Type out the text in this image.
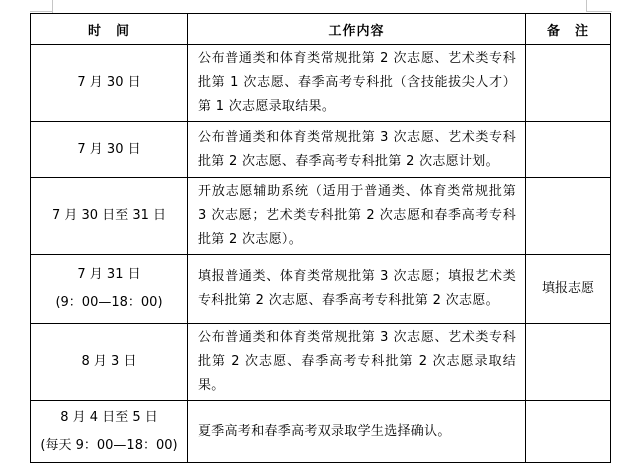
时　间	工作内容	备　注

7 月 30 日	公布普通类和体育类常规批第 2 次志愿、艺术类专科批第 1 次志愿、春季高考专科批（含技能拔尖人才）第 1 次志愿录取结果。	

7 月 30 日	公布普通类和体育类常规批第 3 次志愿、艺术类专科批第 2 次志愿、春季高考专科批第 2 次志愿计划。	

7 月 30 日至 31 日	开放志愿辅助系统（适用于普通类、体育类常规批第 3 次志愿；艺术类专科批第 2 次志愿和春季高考专科批第 2 次志愿）。	

7 月 31 日
(9：00—18：00)	填报普通类、体育类常规批第 3 次志愿；填报艺术类专科批第 2 次志愿、春季高考专科批第 2 次志愿。	填报志愿

8 月 3 日	公布普通类和体育类常规批第 3 次志愿、艺术类专科批第 2 次志愿、春季高考专科批第 2 次志愿录取结果。	

8 月 4 日至 5 日
(每天 9：00—18：00)	夏季高考和春季高考双录取学生选择确认。	
